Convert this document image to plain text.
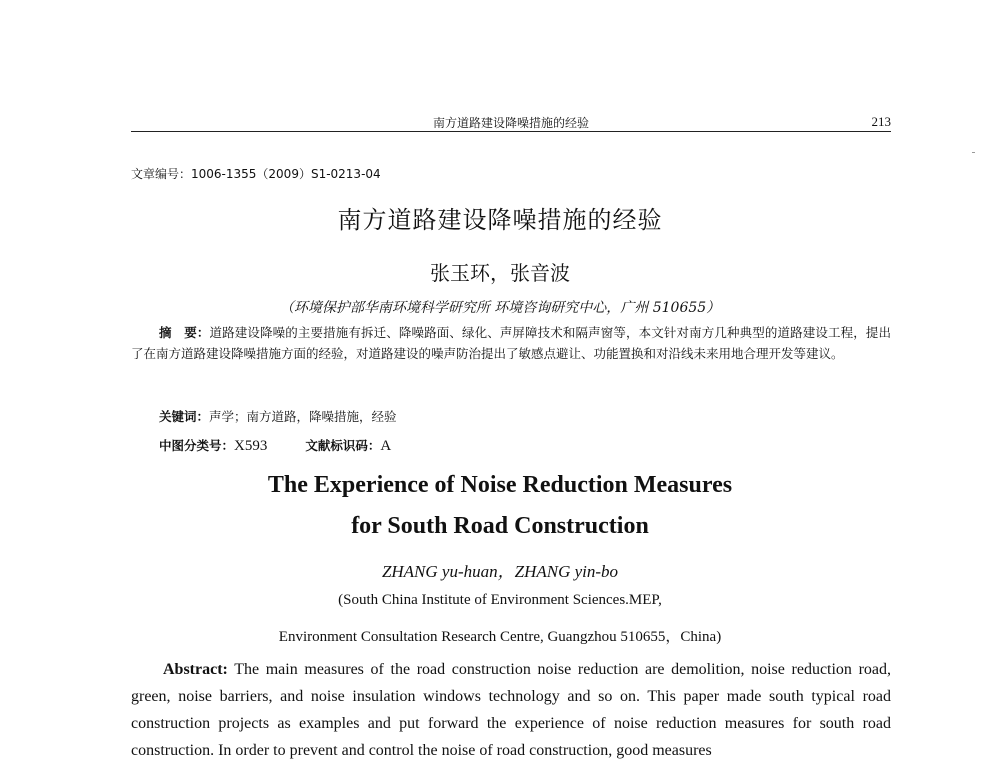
南方道路建设降噪措施的经验	213
文章编号：1006-1355（2009）S1-0213-04
南方道路建设降噪措施的经验
张玉环，张音波
（环境保护部华南环境科学研究所 环境咨询研究中心，广州 510655）
摘　要：道路建设降噪的主要措施有拆迁、降噪路面、绿化、声屏障技术和隔声窗等，本文针对南方几种典型的道路建设工程，提出了在南方道路建设降噪措施方面的经验，对道路建设的噪声防治提出了敏感点避让、功能置换和对沿线未来用地合理开发等建议。
关键词：声学；南方道路，降噪措施，经验
中图分类号：X593	文献标识码：A
The Experience of Noise Reduction Measures
for South Road Construction
ZHANG yu-huan，ZHANG yin-bo
(South China Institute of Environment Sciences.MEP,
Environment Consultation Research Centre, Guangzhou 510655，China)
Abstract: The main measures of the road construction noise reduction are demolition, noise reduction road, green, noise barriers, and noise insulation windows technology and so on. This paper made south typical road construction projects as examples and put forward the experience of noise reduction measures for south road construction. In order to prevent and control the noise of road construction, good measures
